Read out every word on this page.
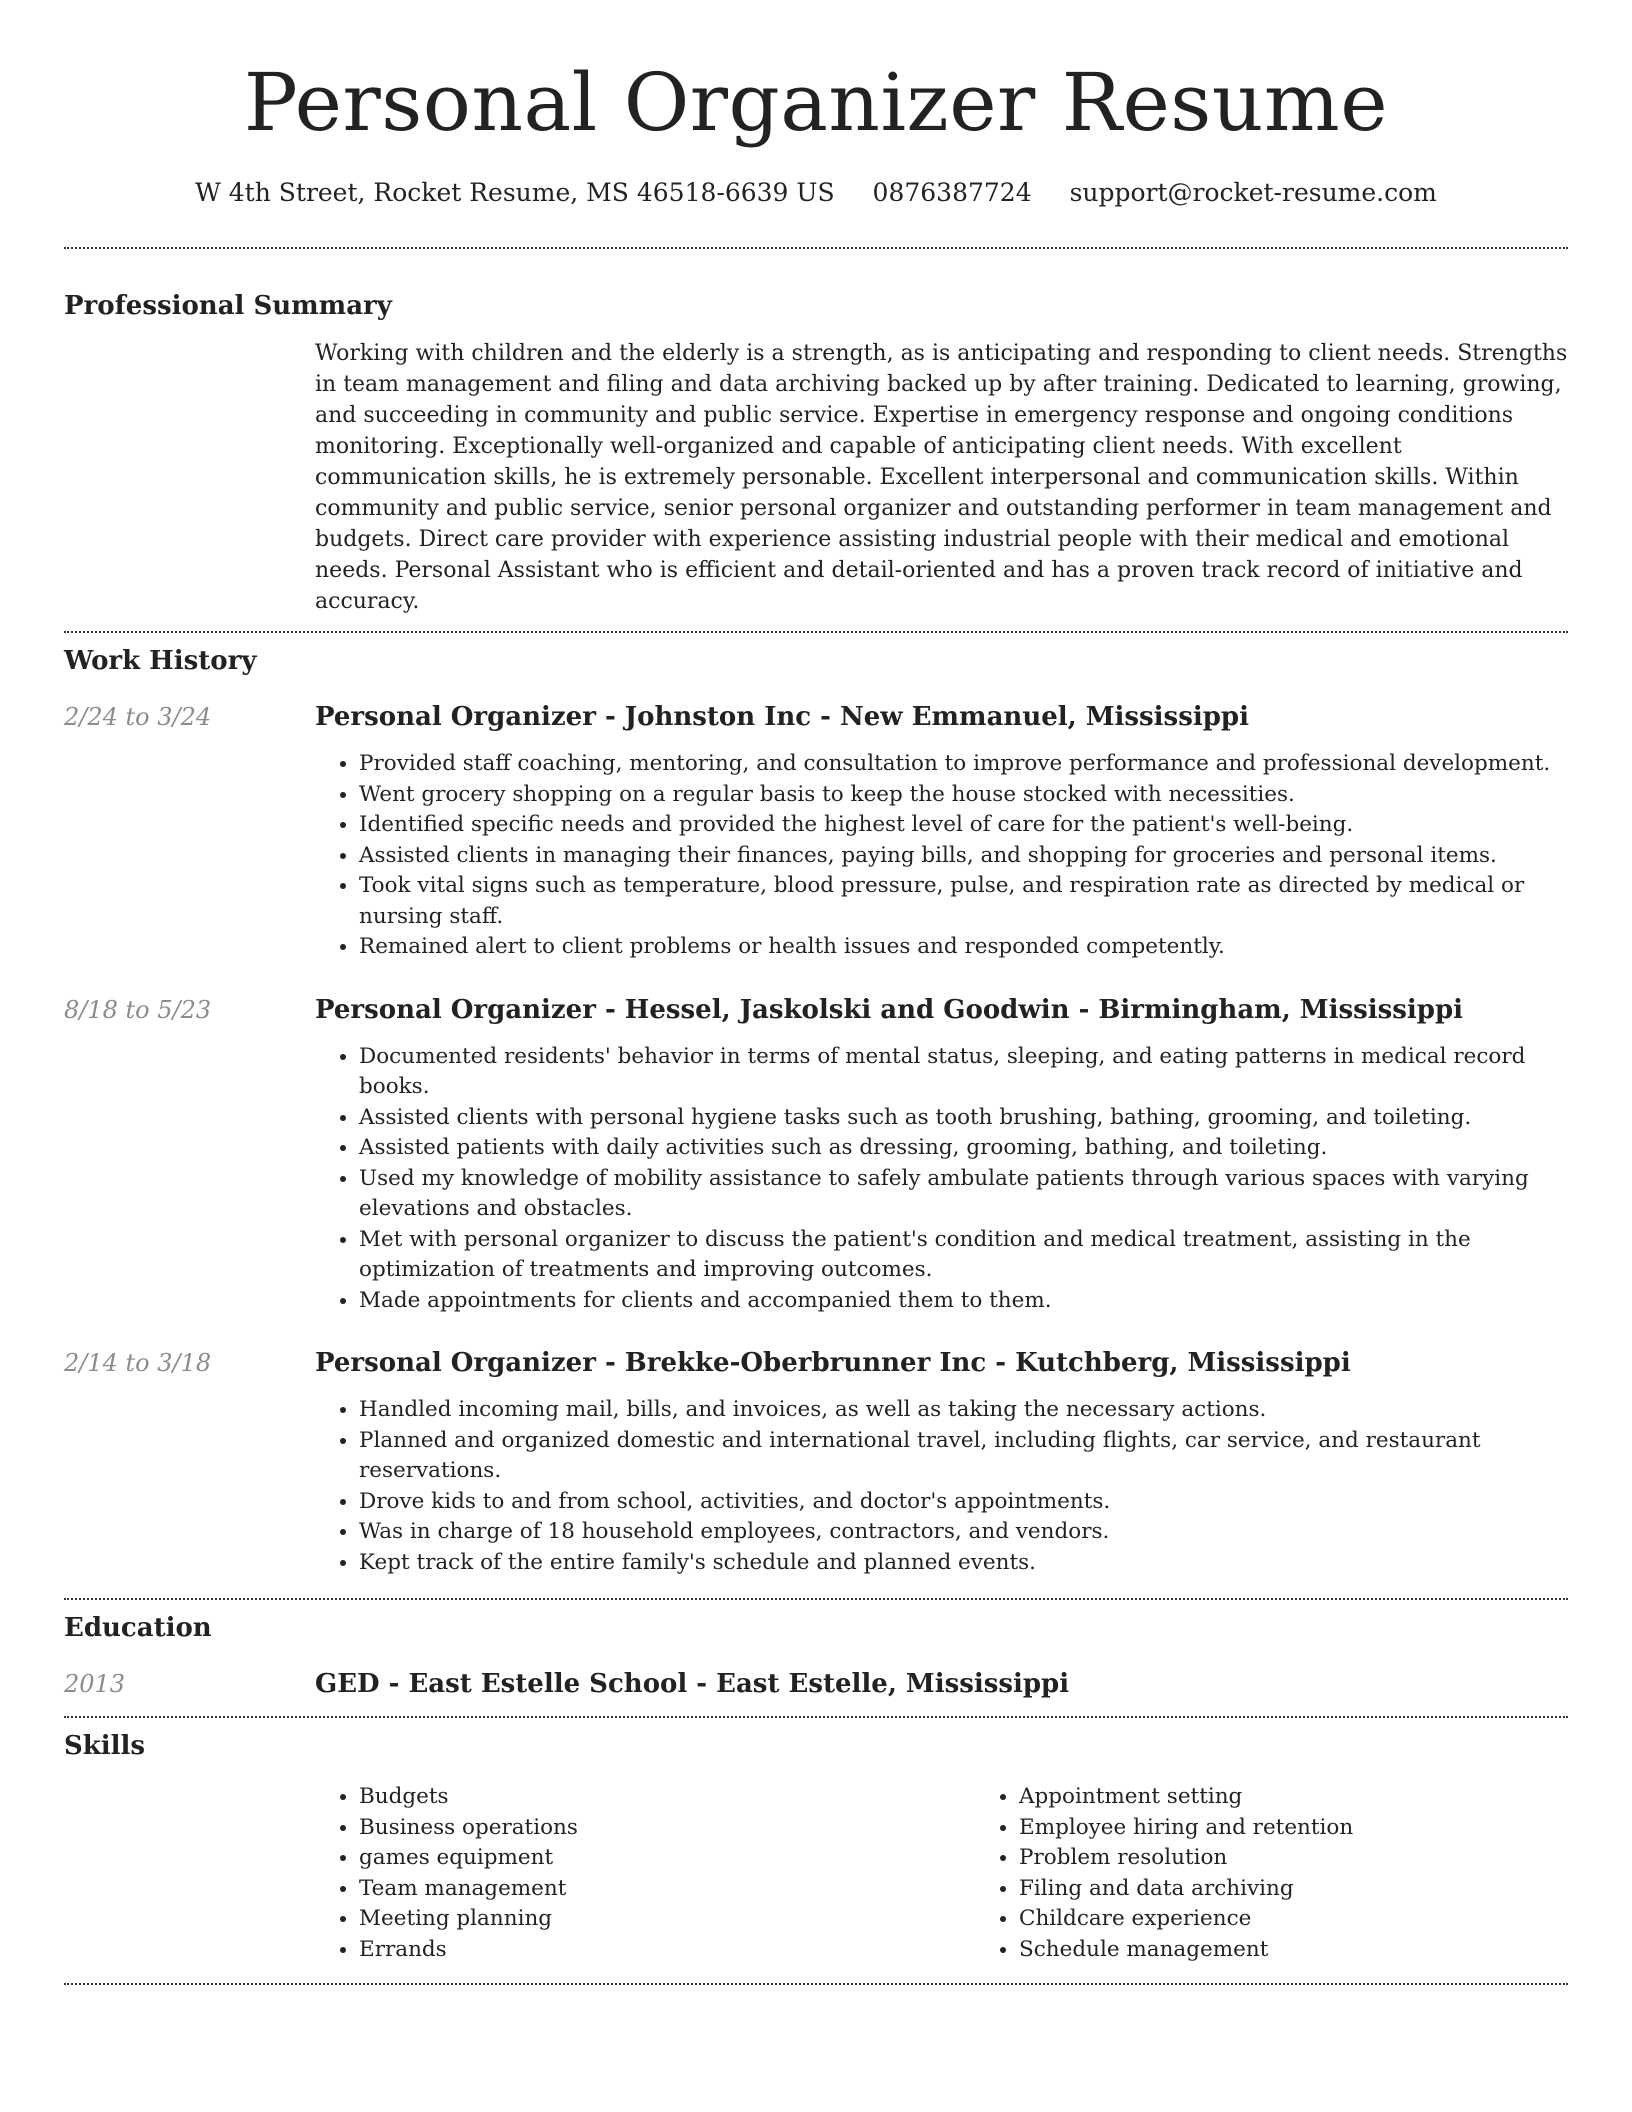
Personal Organizer Resume
W 4th Street, Rocket Resume, MS 46518-6639 US 0876387724 support@rocket-resume.com
Professional Summary

Working with children and the elderly is a strength, as is anticipating and responding to client needs. Strengths in team management and filing and data archiving backed up by after training. Dedicated to learning, growing, and succeeding in community and public service. Expertise in emergency response and ongoing conditions monitoring. Exceptionally well-organized and capable of anticipating client needs. With excellent communication skills, he is extremely personable. Excellent interpersonal and communication skills. Within community and public service, senior personal organizer and outstanding performer in team management and budgets. Direct care provider with experience assisting industrial people with their medical and emotional needs. Personal Assistant who is efficient and detail-oriented and has a proven track record of initiative and accuracy.

Work History
2/24 to 3/24	Personal Organizer - Johnston Inc - New Emmanuel, Mississippi
• Provided staff coaching, mentoring, and consultation to improve performance and professional development.
• Went grocery shopping on a regular basis to keep the house stocked with necessities.
• Identified specific needs and provided the highest level of care for the patient's well-being.
• Assisted clients in managing their finances, paying bills, and shopping for groceries and personal items.
• Took vital signs such as temperature, blood pressure, pulse, and respiration rate as directed by medical or nursing staff.
• Remained alert to client problems or health issues and responded competently.
8/18 to 5/23	Personal Organizer - Hessel, Jaskolski and Goodwin - Birmingham, Mississippi
• Documented residents' behavior in terms of mental status, sleeping, and eating patterns in medical record books.
• Assisted clients with personal hygiene tasks such as tooth brushing, bathing, grooming, and toileting.
• Assisted patients with daily activities such as dressing, grooming, bathing, and toileting.
• Used my knowledge of mobility assistance to safely ambulate patients through various spaces with varying elevations and obstacles.
• Met with personal organizer to discuss the patient's condition and medical treatment, assisting in the optimization of treatments and improving outcomes.
• Made appointments for clients and accompanied them to them.
2/14 to 3/18	Personal Organizer - Brekke-Oberbrunner Inc - Kutchberg, Mississippi
• Handled incoming mail, bills, and invoices, as well as taking the necessary actions.
• Planned and organized domestic and international travel, including flights, car service, and restaurant reservations.
• Drove kids to and from school, activities, and doctor's appointments.
• Was in charge of 18 household employees, contractors, and vendors.
• Kept track of the entire family's schedule and planned events.
Education
2013	GED - East Estelle School - East Estelle, Mississippi
Skills
• Budgets
• Business operations
• games equipment
• Team management
• Meeting planning
• Errands
• Appointment setting
• Employee hiring and retention
• Problem resolution
• Filing and data archiving
• Childcare experience
• Schedule management
